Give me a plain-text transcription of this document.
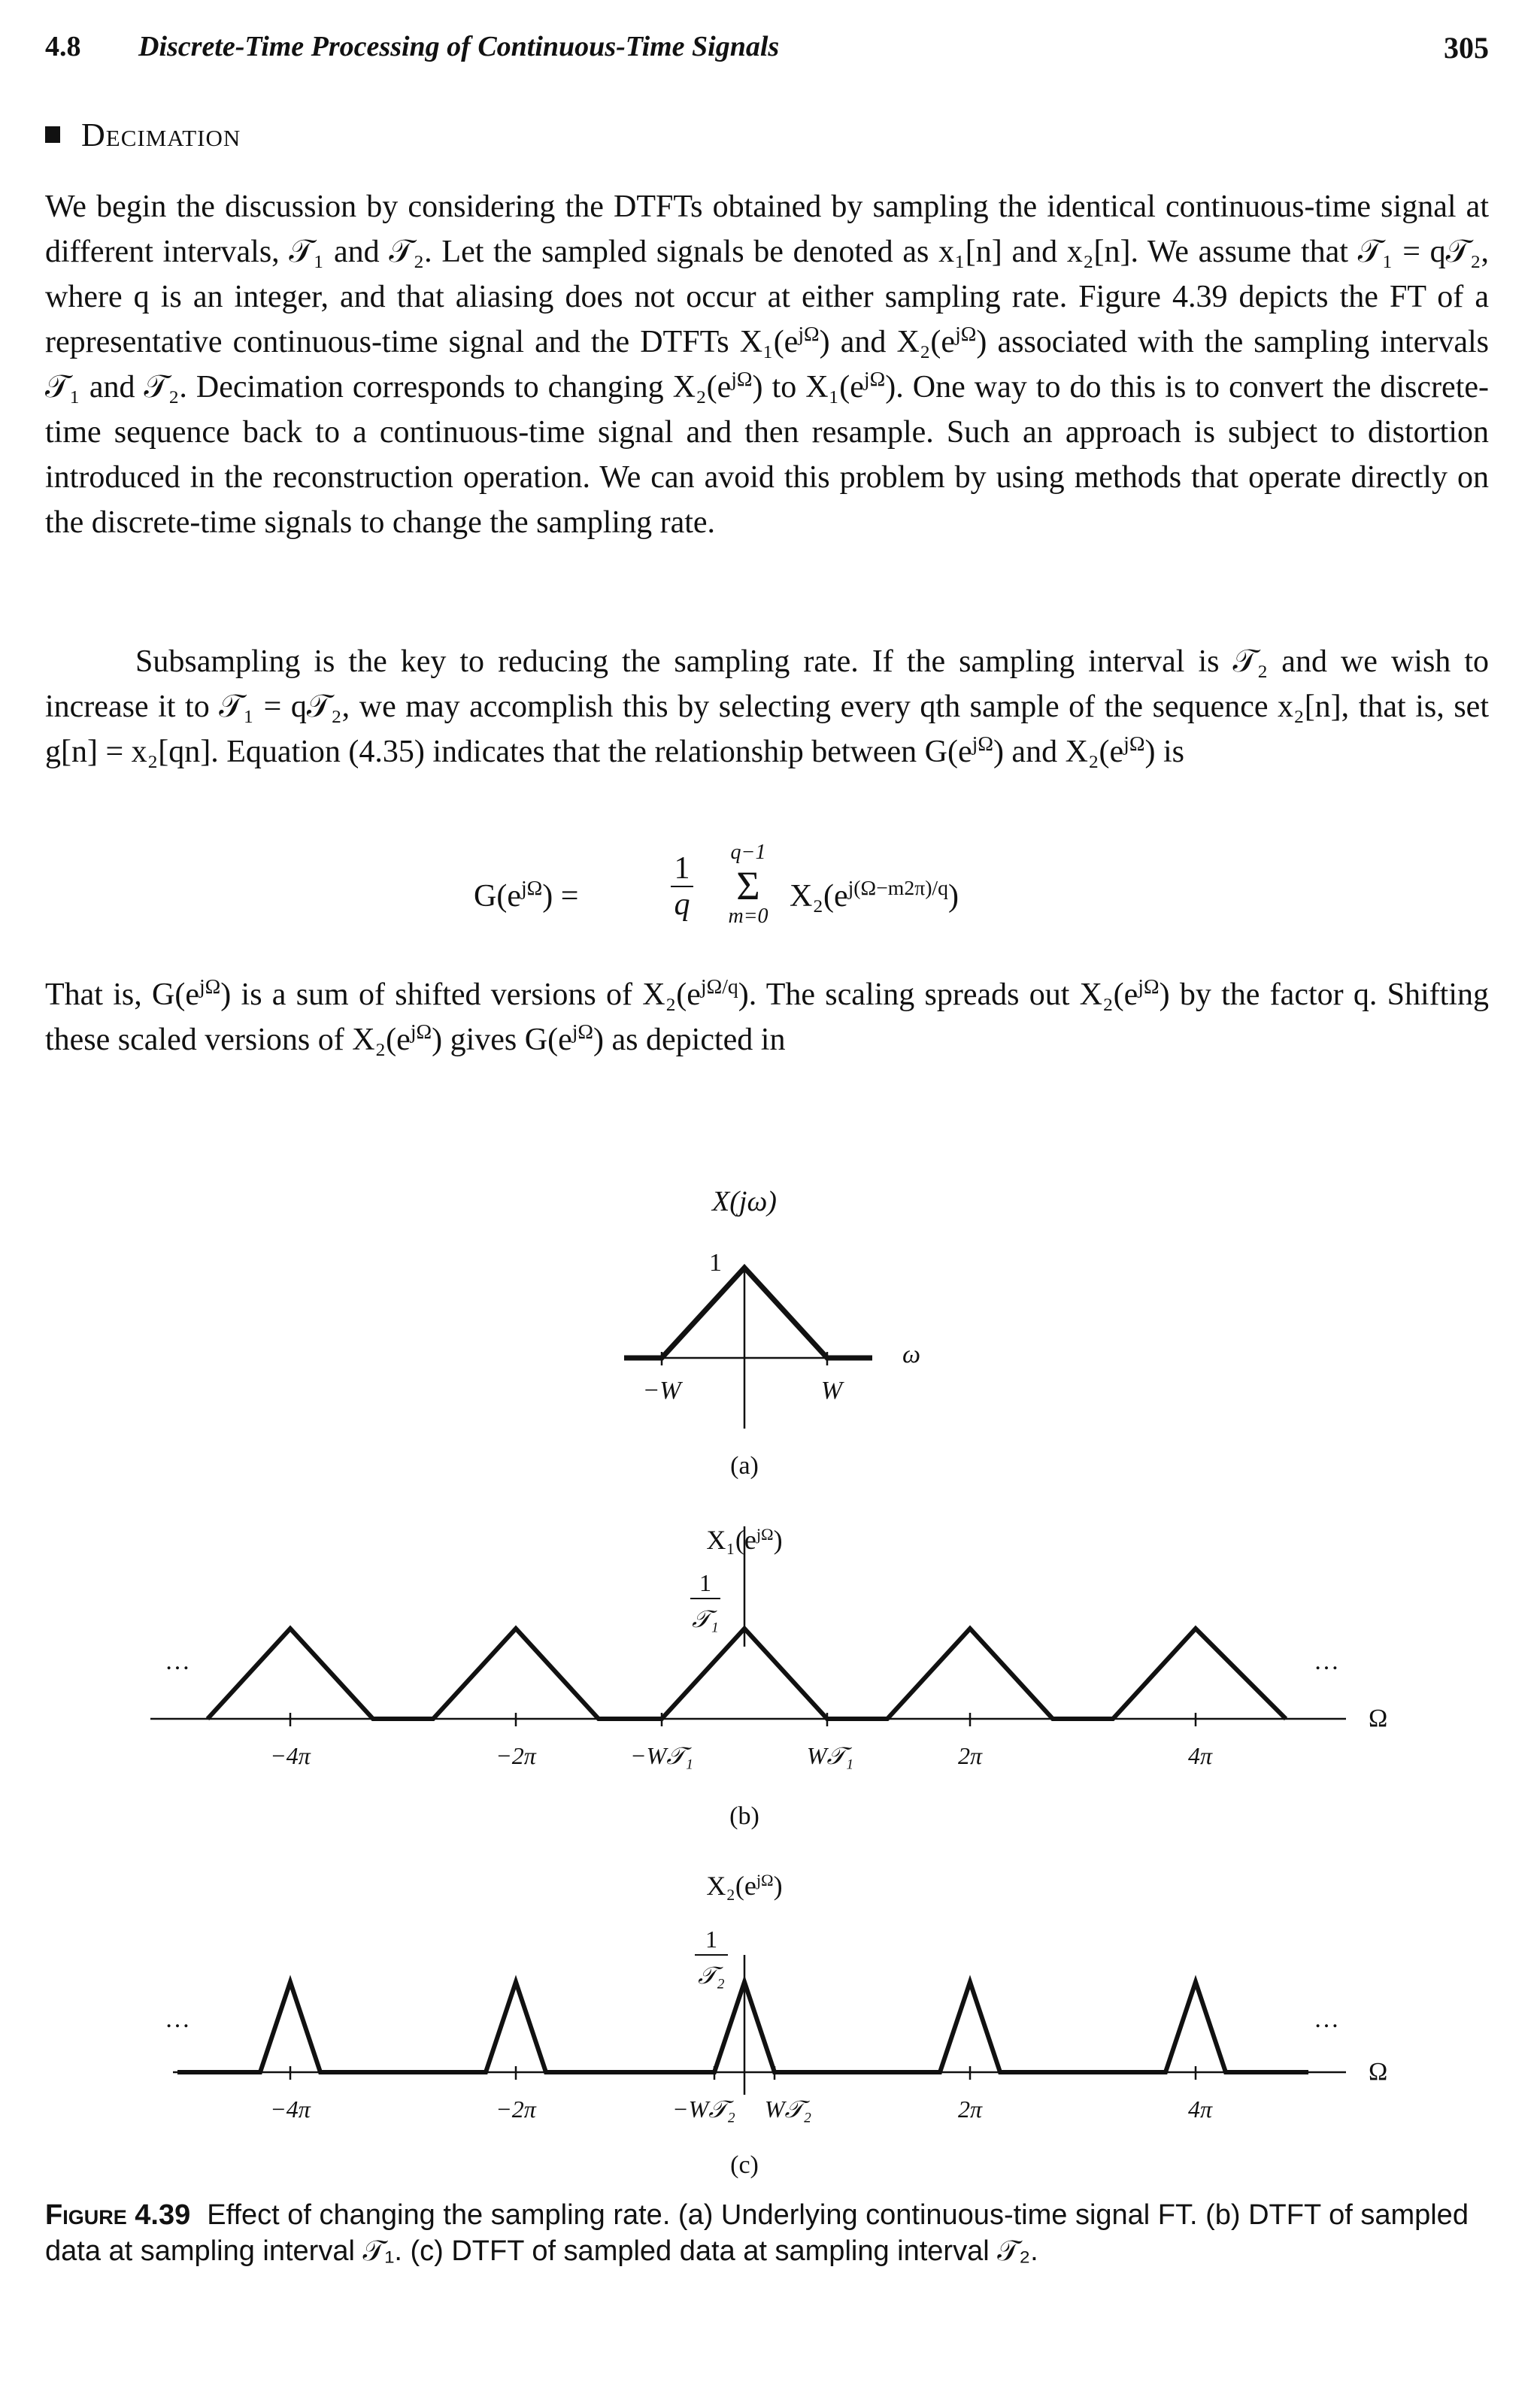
4.8 Discrete-Time Processing of Continuous-Time Signals	305
Decimation

We begin the discussion by considering the DTFTs obtained by sampling the identical continuous-time signal at different intervals, 𝒯₁ and 𝒯₂. Let the sampled signals be denoted as x₁[n] and x₂[n]. We assume that 𝒯₁ = q𝒯₂, where q is an integer, and that aliasing does not occur at either sampling rate. Figure 4.39 depicts the FT of a representative continuous-time signal and the DTFTs $X_1(e^{j\Omega})$ and $X_2(e^{j\Omega})$ associated with the sampling intervals 𝒯₁ and 𝒯₂. Decimation corresponds to changing $X_2(e^{j\Omega})$ to $X_1(e^{j\Omega})$. One way to do this is to convert the discrete-time sequence back to a continuous-time signal and then resample. Such an approach is subject to distortion introduced in the reconstruction operation. We can avoid this problem by using methods that operate directly on the discrete-time signals to change the sampling rate.

Subsampling is the key to reducing the sampling rate. If the sampling interval is 𝒯₂ and we wish to increase it to 𝒯₁ = q𝒯₂, we may accomplish this by selecting every qth sample of the sequence x₂[n], that is, set g[n] = x₂[qn]. Equation (4.35) indicates that the relationship between $G(e^{j\Omega})$ and $X_2(e^{j\Omega})$ is

$G(e^{j\Omega})$ =
1
q
q−1
Σ
m=0
$X_2(e^{j(\Omega-m2\pi)/q})$

That is, $G(e^{j\Omega})$ is a sum of shifted versions of $X_2(e^{j\Omega/q})$. The scaling spreads out $X_2(e^{j\Omega})$ by the factor q. Shifting these scaled versions of $X_2(e^{j\Omega})$ gives $G(e^{j\Omega})$ as depicted in

X(jω)
1
ω
−W	W
(a)
$X_1(e^{j\Omega})$
1
𝒯₁
…	…
Ω
−4π	−2π	−W𝒯₁	W𝒯₁	2π	4π
(b)
$X_2(e^{j\Omega})$
1
𝒯₂
…	…
Ω
−4π	−2π	−W𝒯₂ W𝒯₂	2π	4π
(c)

Figure 4.39 Effect of changing the sampling rate. (a) Underlying continuous-time signal FT. (b) DTFT of sampled data at sampling interval 𝒯₁. (c) DTFT of sampled data at sampling interval 𝒯₂.
